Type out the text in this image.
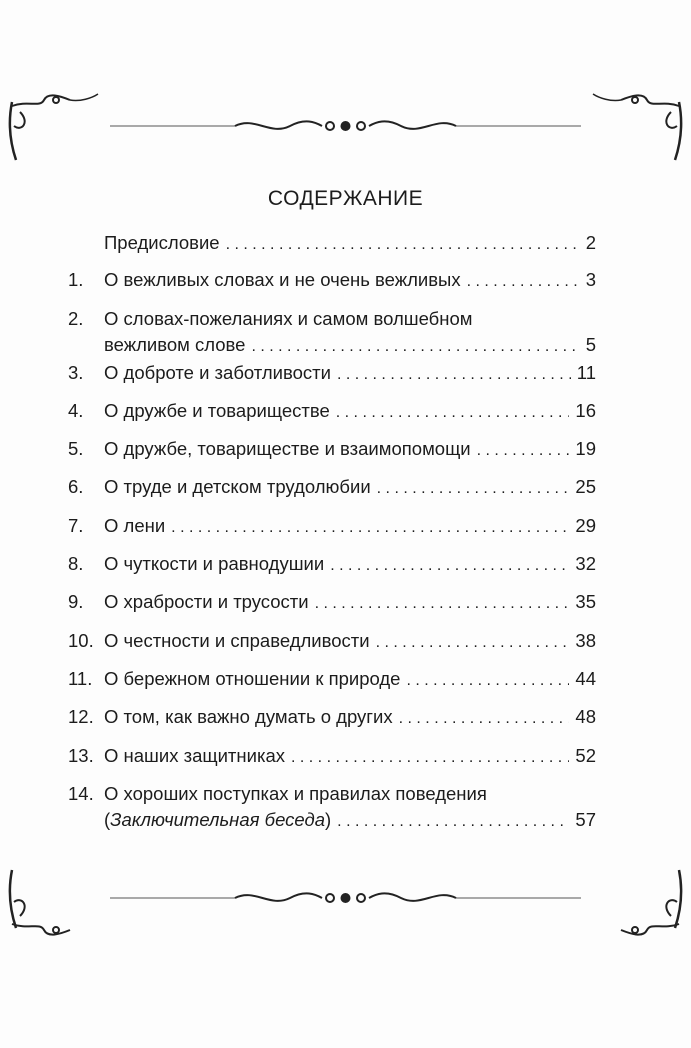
СОДЕРЖАНИЕ
Предисловие . . .	2
1. О вежливых словах и не очень вежливых . . .	3
2. О словах-пожеланиях и самом волшебном
вежливом слове . . .	5
3. О доброте и заботливости . . .	11
4. О дружбе и товариществе . . .	16
5. О дружбе, товариществе и взаимопомощи . . .	19
6. О труде и детском трудолюбии . . .	25
7. О лени . . .	29
8. О чуткости и равнодушии . . .	32
9. О храбрости и трусости . . .	35
10. О честности и справедливости . . .	38
11. О бережном отношении к природе . . .	44
12. О том, как важно думать о других . . .	48
13. О наших защитниках . . .	52
14. О хороших поступках и правилах поведения
(Заключительная беседа) . . .	57
